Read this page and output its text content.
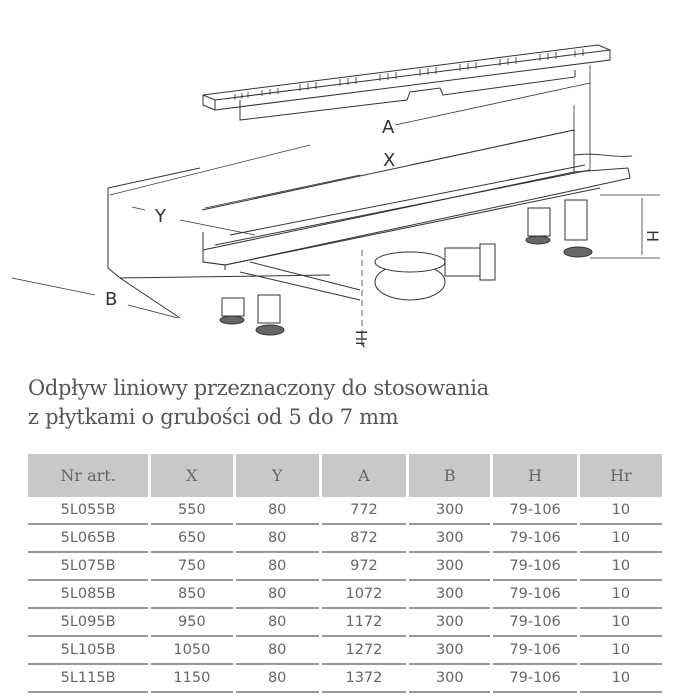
A
X
Y
B
H
Hr
Odpływ liniowy przeznaczony do stosowania
z płytkami o grubości od 5 do 7 mm
Nr art.	X	Y	A	B	H	Hr
5L055B	550	80	772	300	79-106	10
5L065B	650	80	872	300	79-106	10
5L075B	750	80	972	300	79-106	10
5L085B	850	80	1072	300	79-106	10
5L095B	950	80	1172	300	79-106	10
5L105B	1050	80	1272	300	79-106	10
5L115B	1150	80	1372	300	79-106	10
